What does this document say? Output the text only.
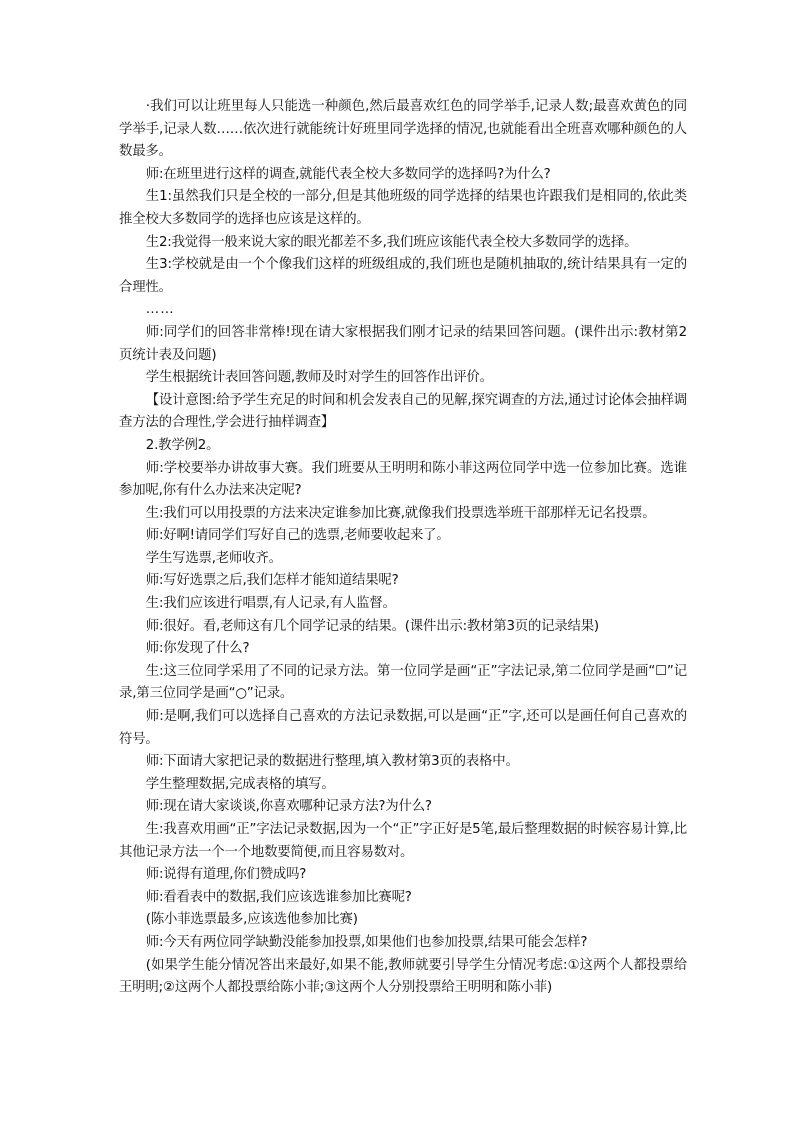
·我们可以让班里每人只能选一种颜色,然后最喜欢红色的同学举手,记录人数;最喜欢黄色的同学举手,记录人数……依次进行就能统计好班里同学选择的情况,也就能看出全班喜欢哪种颜色的人数最多。

师:在班里进行这样的调查,就能代表全校大多数同学的选择吗?为什么?

生1:虽然我们只是全校的一部分,但是其他班级的同学选择的结果也许跟我们是相同的,依此类推全校大多数同学的选择也应该是这样的。

生2:我觉得一般来说大家的眼光都差不多,我们班应该能代表全校大多数同学的选择。

生3:学校就是由一个个像我们这样的班级组成的,我们班也是随机抽取的,统计结果具有一定的合理性。

……

师:同学们的回答非常棒!现在请大家根据我们刚才记录的结果回答问题。(课件出示:教材第2页统计表及问题)

学生根据统计表回答问题,教师及时对学生的回答作出评价。

【设计意图:给予学生充足的时间和机会发表自己的见解,探究调查的方法,通过讨论体会抽样调查方法的合理性,学会进行抽样调查】

2.教学例2。

师:学校要举办讲故事大赛。我们班要从王明明和陈小菲这两位同学中选一位参加比赛。选谁参加呢,你有什么办法来决定呢?

生:我们可以用投票的方法来决定谁参加比赛,就像我们投票选举班干部那样无记名投票。

师:好啊!请同学们写好自己的选票,老师要收起来了。

学生写选票,老师收齐。

师:写好选票之后,我们怎样才能知道结果呢?

生:我们应该进行唱票,有人记录,有人监督。

师:很好。看,老师这有几个同学记录的结果。(课件出示:教材第3页的记录结果)

师:你发现了什么?

生:这三位同学采用了不同的记录方法。第一位同学是画“正”字法记录,第二位同学是画“☐”记录,第三位同学是画“○”记录。

师:是啊,我们可以选择自己喜欢的方法记录数据,可以是画“正”字,还可以是画任何自己喜欢的符号。

师:下面请大家把记录的数据进行整理,填入教材第3页的表格中。

学生整理数据,完成表格的填写。

师:现在请大家谈谈,你喜欢哪种记录方法?为什么?

生:我喜欢用画“正”字法记录数据,因为一个“正”字正好是5笔,最后整理数据的时候容易计算,比其他记录方法一个一个地数要简便,而且容易数对。

师:说得有道理,你们赞成吗?

师:看看表中的数据,我们应该选谁参加比赛呢?

(陈小菲选票最多,应该选他参加比赛)

师:今天有两位同学缺勤没能参加投票,如果他们也参加投票,结果可能会怎样?

(如果学生能分情况答出来最好,如果不能,教师就要引导学生分情况考虑:①这两个人都投票给王明明;②这两个人都投票给陈小菲;③这两个人分别投票给王明明和陈小菲)
